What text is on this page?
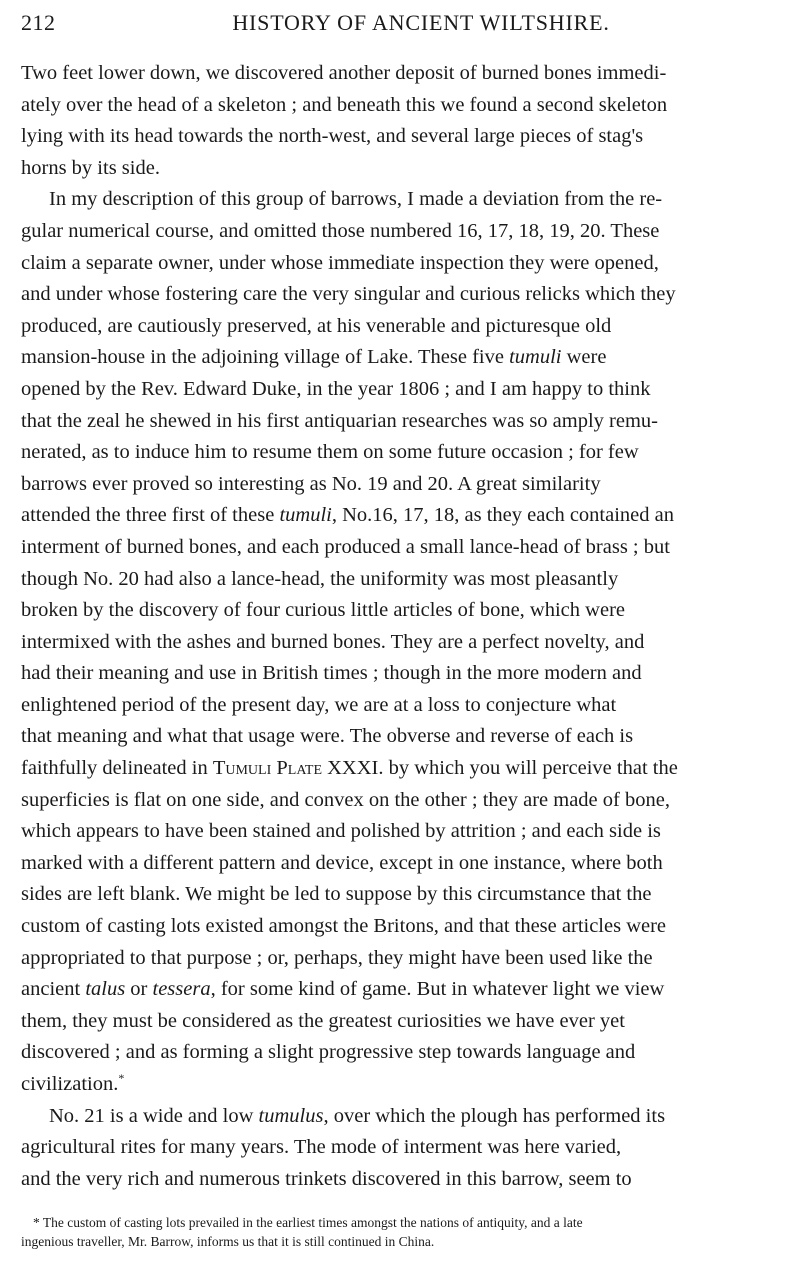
212	HISTORY OF ANCIENT WILTSHIRE.
Two feet lower down, we discovered another deposit of burned bones immedi-
ately over the head of a skeleton ; and beneath this we found a second skeleton
lying with its head towards the north-west, and several large pieces of stag's
horns by its side.
In my description of this group of barrows, I made a deviation from the re-
gular numerical course, and omitted those numbered 16, 17, 18, 19, 20. These
claim a separate owner, under whose immediate inspection they were opened,
and under whose fostering care the very singular and curious relicks which they
produced, are cautiously preserved, at his venerable and picturesque old
mansion-house in the adjoining village of Lake. These five tumuli were
opened by the Rev. Edward Duke, in the year 1806 ; and I am happy to think
that the zeal he shewed in his first antiquarian researches was so amply remu-
nerated, as to induce him to resume them on some future occasion ; for few
barrows ever proved so interesting as No. 19 and 20. A great similarity
attended the three first of these tumuli, No.16, 17, 18, as they each contained an
interment of burned bones, and each produced a small lance-head of brass ; but
though No. 20 had also a lance-head, the uniformity was most pleasantly
broken by the discovery of four curious little articles of bone, which were
intermixed with the ashes and burned bones. They are a perfect novelty, and
had their meaning and use in British times ; though in the more modern and
enlightened period of the present day, we are at a loss to conjecture what
that meaning and what that usage were. The obverse and reverse of each is
faithfully delineated in Tumuli Plate XXXI. by which you will perceive that the
superficies is flat on one side, and convex on the other ; they are made of bone,
which appears to have been stained and polished by attrition ; and each side is
marked with a different pattern and device, except in one instance, where both
sides are left blank. We might be led to suppose by this circumstance that the
custom of casting lots existed amongst the Britons, and that these articles were
appropriated to that purpose ; or, perhaps, they might have been used like the
ancient talus or tessera, for some kind of game. But in whatever light we view
them, they must be considered as the greatest curiosities we have ever yet
discovered ; and as forming a slight progressive step towards language and
civilization.*
No. 21 is a wide and low tumulus, over which the plough has performed its
agricultural rites for many years. The mode of interment was here varied,
and the very rich and numerous trinkets discovered in this barrow, seem to
* The custom of casting lots prevailed in the earliest times amongst the nations of antiquity, and a late
ingenious traveller, Mr. Barrow, informs us that it is still continued in China.
